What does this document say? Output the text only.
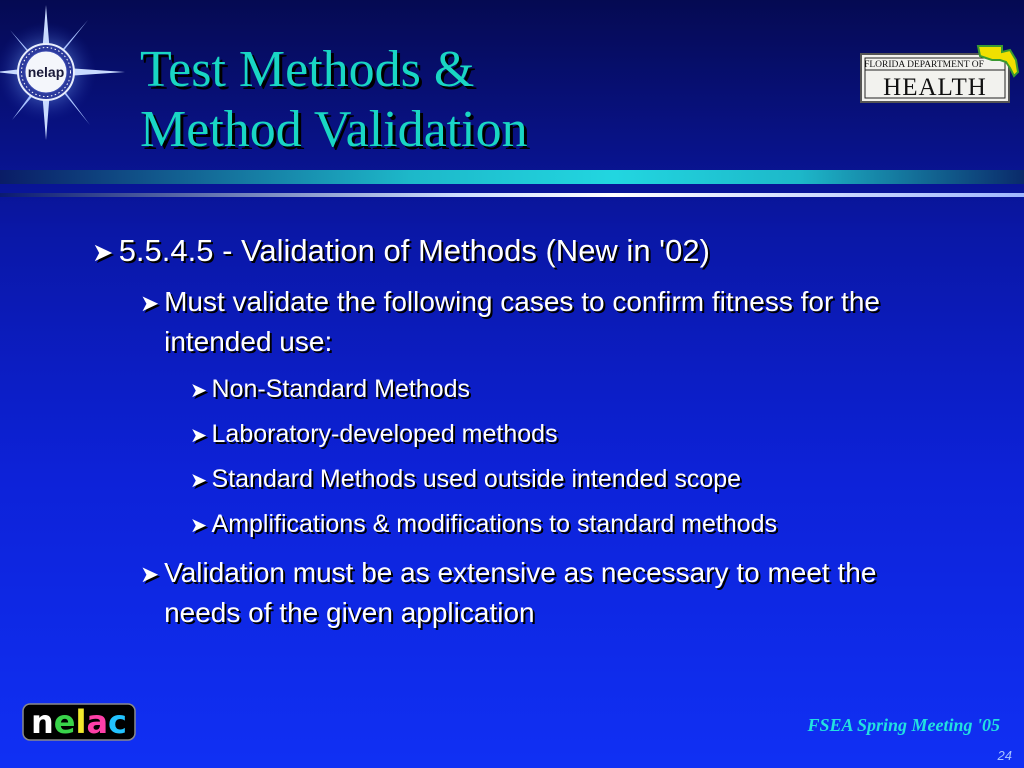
nelap Test Methods &
Method Validation
FLORIDA DEPARTMENT OF
HEALTH

➤ 5.5.4.5 - Validation of Methods (New in '02)

➤ Must validate the following cases to confirm fitness for the intended use:

➤ Non-Standard Methods

➤ Laboratory-developed methods

➤ Standard Methods used outside intended scope

➤ Amplifications & modifications to standard methods

➤ Validation must be as extensive as necessary to meet the needs of the given application

nelac	FSEA Spring Meeting '05

24
